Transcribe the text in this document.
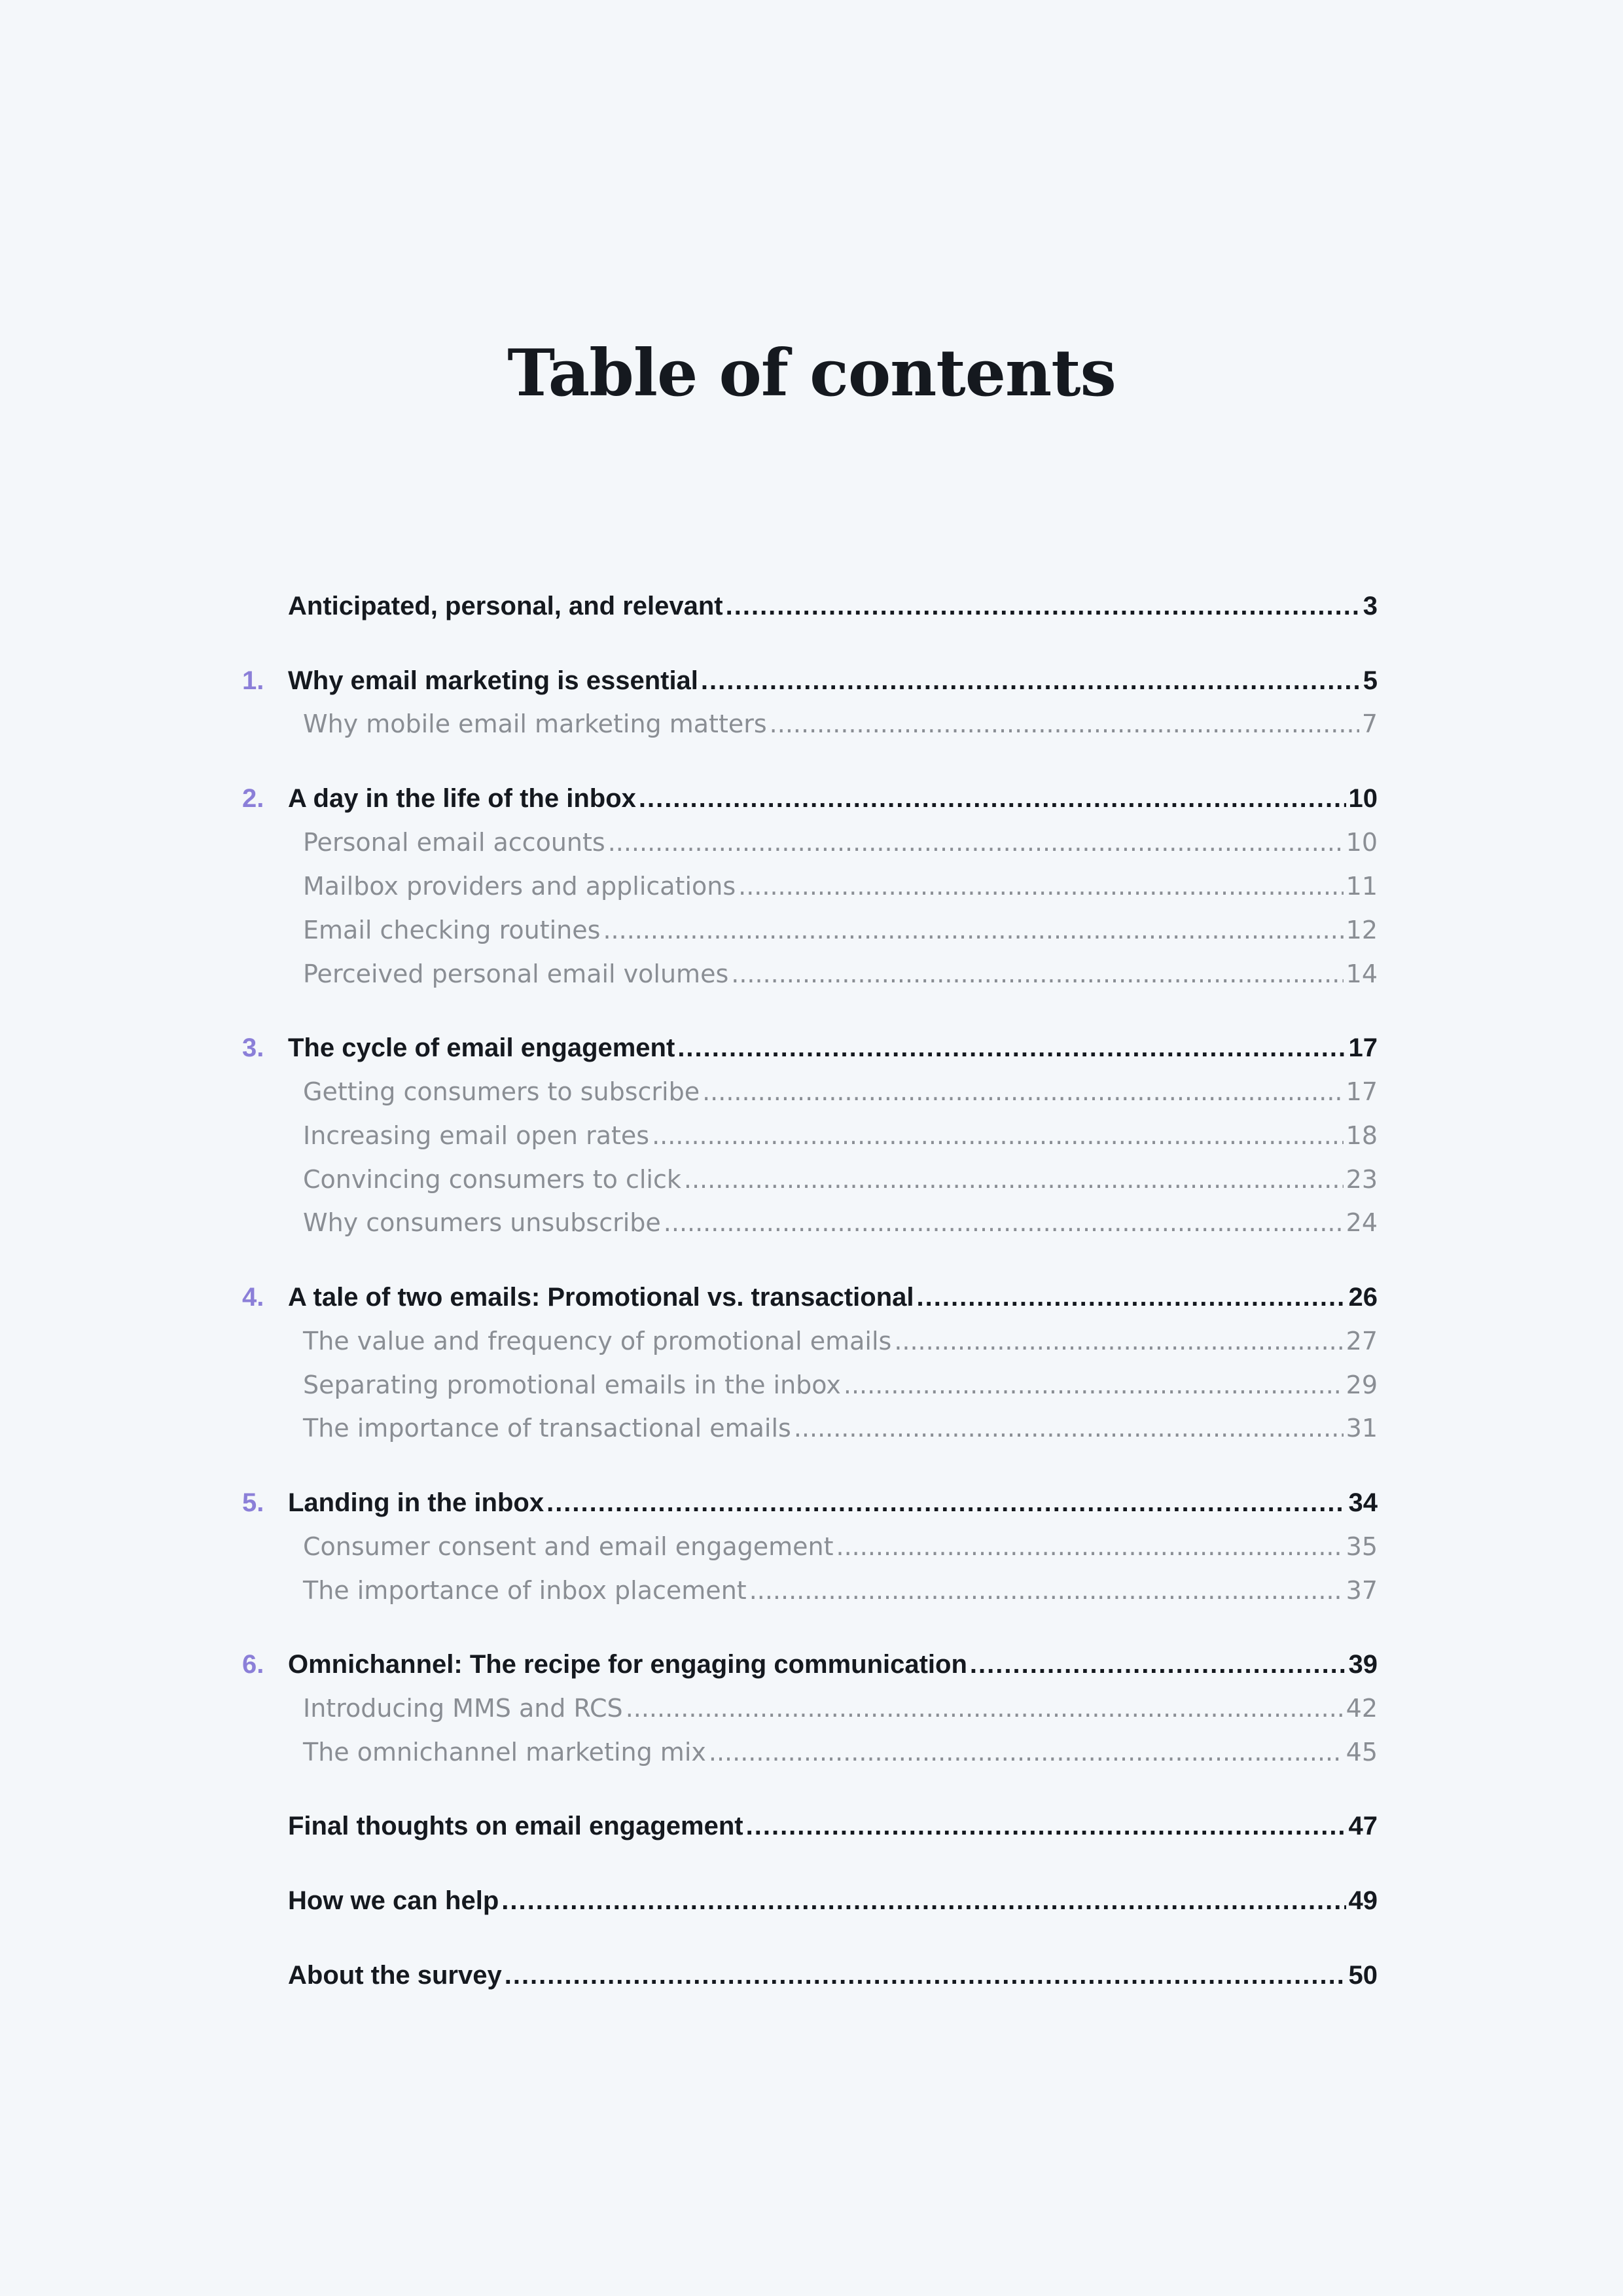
Table of contents
Anticipated, personal, and relevant .....	3
1. Why email marketing is essential .....	5
Why mobile email marketing matters .....	7
2. A day in the life of the inbox .....	10
Personal email accounts .....	10
Mailbox providers and applications .....	11
Email checking routines .....	12
Perceived personal email volumes .....	14
3. The cycle of email engagement .....	17
Getting consumers to subscribe .....	17
Increasing email open rates .....	18
Convincing consumers to click .....	23
Why consumers unsubscribe .....	24
4. A tale of two emails: Promotional vs. transactional .....	26
The value and frequency of promotional emails .....	27
Separating promotional emails in the inbox .....	29
The importance of transactional emails .....	31
5. Landing in the inbox .....	34
Consumer consent and email engagement .....	35
The importance of inbox placement .....	37
6. Omnichannel: The recipe for engaging communication .....	39
Introducing MMS and RCS .....	42
The omnichannel marketing mix .....	45
Final thoughts on email engagement .....	47
How we can help .....	49
About the survey .....	50
